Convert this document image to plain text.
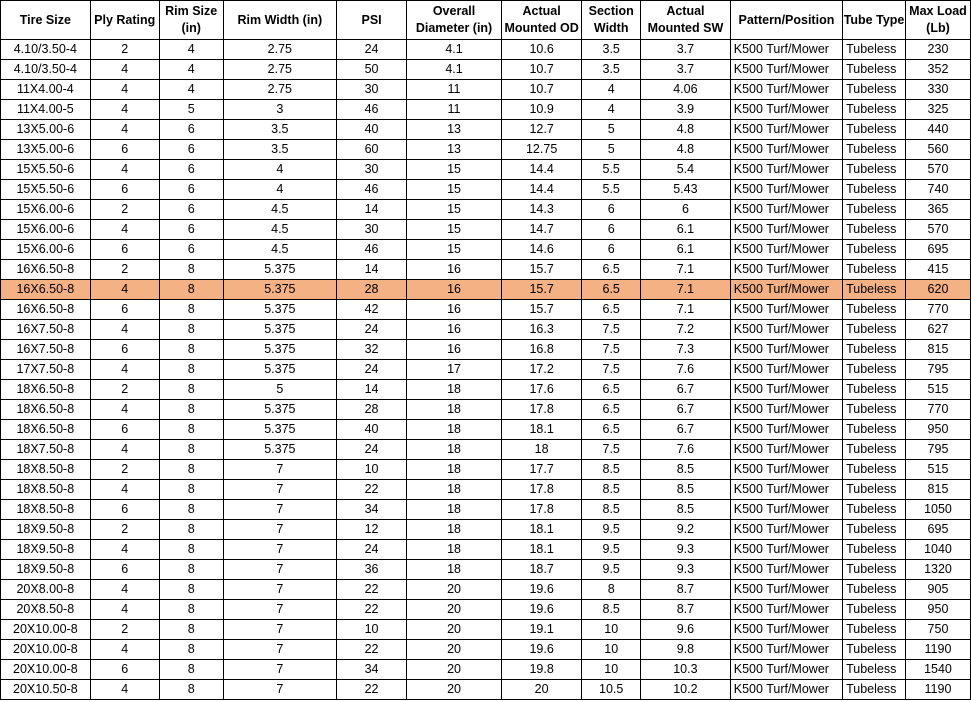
Tire Size	Ply Rating	Rim Size (in)	Rim Width (in)	PSI	Overall Diameter (in)	Actual Mounted OD	Section Width	Actual Mounted SW	Pattern/Position	Tube Type	Max Load (Lb)
4.10/3.50-4	2	4	2.75	24	4.1	10.6	3.5	3.7	K500 Turf/Mower	Tubeless	230
4.10/3.50-4	4	4	2.75	50	4.1	10.7	3.5	3.7	K500 Turf/Mower	Tubeless	352
11X4.00-4	4	4	2.75	30	11	10.7	4	4.06	K500 Turf/Mower	Tubeless	330
11X4.00-5	4	5	3	46	11	10.9	4	3.9	K500 Turf/Mower	Tubeless	325
13X5.00-6	4	6	3.5	40	13	12.7	5	4.8	K500 Turf/Mower	Tubeless	440
13X5.00-6	6	6	3.5	60	13	12.75	5	4.8	K500 Turf/Mower	Tubeless	560
15X5.50-6	4	6	4	30	15	14.4	5.5	5.4	K500 Turf/Mower	Tubeless	570
15X5.50-6	6	6	4	46	15	14.4	5.5	5.43	K500 Turf/Mower	Tubeless	740
15X6.00-6	2	6	4.5	14	15	14.3	6	6	K500 Turf/Mower	Tubeless	365
15X6.00-6	4	6	4.5	30	15	14.7	6	6.1	K500 Turf/Mower	Tubeless	570
15X6.00-6	6	6	4.5	46	15	14.6	6	6.1	K500 Turf/Mower	Tubeless	695
16X6.50-8	2	8	5.375	14	16	15.7	6.5	7.1	K500 Turf/Mower	Tubeless	415
16X6.50-8	4	8	5.375	28	16	15.7	6.5	7.1	K500 Turf/Mower	Tubeless	620
16X6.50-8	6	8	5.375	42	16	15.7	6.5	7.1	K500 Turf/Mower	Tubeless	770
16X7.50-8	4	8	5.375	24	16	16.3	7.5	7.2	K500 Turf/Mower	Tubeless	627
16X7.50-8	6	8	5.375	32	16	16.8	7.5	7.3	K500 Turf/Mower	Tubeless	815
17X7.50-8	4	8	5.375	24	17	17.2	7.5	7.6	K500 Turf/Mower	Tubeless	795
18X6.50-8	2	8	5	14	18	17.6	6.5	6.7	K500 Turf/Mower	Tubeless	515
18X6.50-8	4	8	5.375	28	18	17.8	6.5	6.7	K500 Turf/Mower	Tubeless	770
18X6.50-8	6	8	5.375	40	18	18.1	6.5	6.7	K500 Turf/Mower	Tubeless	950
18X7.50-8	4	8	5.375	24	18	18	7.5	7.6	K500 Turf/Mower	Tubeless	795
18X8.50-8	2	8	7	10	18	17.7	8.5	8.5	K500 Turf/Mower	Tubeless	515
18X8.50-8	4	8	7	22	18	17.8	8.5	8.5	K500 Turf/Mower	Tubeless	815
18X8.50-8	6	8	7	34	18	17.8	8.5	8.5	K500 Turf/Mower	Tubeless	1050
18X9.50-8	2	8	7	12	18	18.1	9.5	9.2	K500 Turf/Mower	Tubeless	695
18X9.50-8	4	8	7	24	18	18.1	9.5	9.3	K500 Turf/Mower	Tubeless	1040
18X9.50-8	6	8	7	36	18	18.7	9.5	9.3	K500 Turf/Mower	Tubeless	1320
20X8.00-8	4	8	7	22	20	19.6	8	8.7	K500 Turf/Mower	Tubeless	905
20X8.50-8	4	8	7	22	20	19.6	8.5	8.7	K500 Turf/Mower	Tubeless	950
20X10.00-8	2	8	7	10	20	19.1	10	9.6	K500 Turf/Mower	Tubeless	750
20X10.00-8	4	8	7	22	20	19.6	10	9.8	K500 Turf/Mower	Tubeless	1190
20X10.00-8	6	8	7	34	20	19.8	10	10.3	K500 Turf/Mower	Tubeless	1540
20X10.50-8	4	8	7	22	20	20	10.5	10.2	K500 Turf/Mower	Tubeless	1190
